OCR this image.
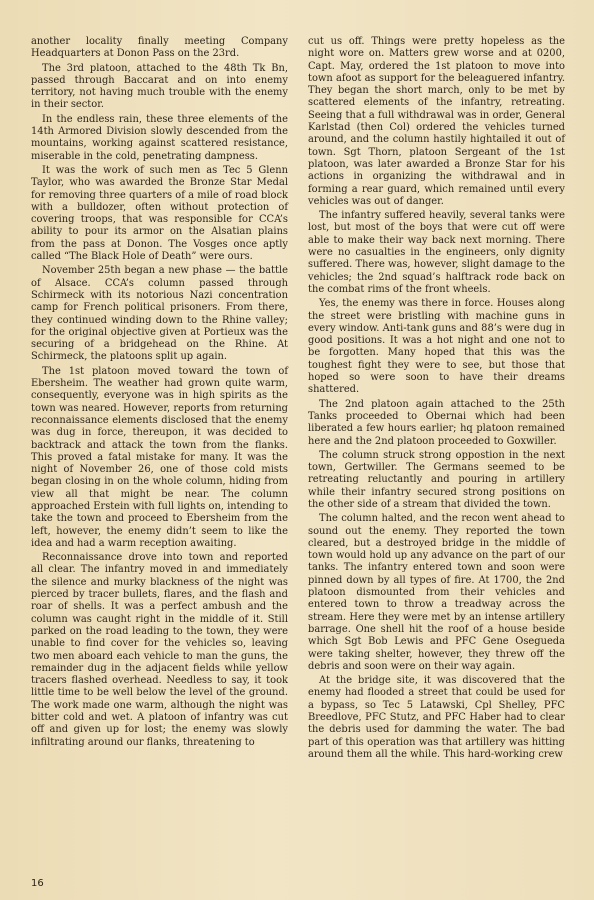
another locality finally meeting Company Headquarters at Donon Pass on the 23rd.

The 3rd platoon, attached to the 48th Tk Bn, passed through Baccarat and on into enemy territory, not having much trouble with the enemy in their sector.

In the endless rain, these three elements of the 14th Armored Division slowly descended from the mountains, working against scattered resistance, miserable in the cold, penetrating dampness.

It was the work of such men as Tec 5 Glenn Taylor, who was awarded the Bronze Star Medal for removing three quarters of a mile of road block with a bulldozer, often without protection of covering troops, that was responsible for CCA’s ability to pour its armor on the Alsatian plains from the pass at Donon. The Vosges once aptly called “The Black Hole of Death” were ours.

November 25th began a new phase — the battle of Alsace. CCA’s column passed through Schirmeck with its notorious Nazi concentration camp for French political prisoners. From there, they continued winding down to the Rhine valley; for the original objective given at Portieux was the securing of a bridgehead on the Rhine. At Schirmeck, the platoons split up again.

The 1st platoon moved toward the town of Ebersheim. The weather had grown quite warm, consequently, everyone was in high spirits as the town was neared. However, reports from returning reconnaissance elements disclosed that the enemy was dug in force, thereupon, it was decided to backtrack and attack the town from the flanks. This proved a fatal mistake for many. It was the night of November 26, one of those cold mists began closing in on the whole column, hiding from view all that might be near. The column approached Erstein with full lights on, intending to take the town and proceed to Ebersheim from the left, however, the enemy didn’t seem to like the idea and had a warm reception awaiting.

Reconnaissance drove into town and reported all clear. The infantry moved in and immediately the silence and murky blackness of the night was pierced by tracer bullets, flares, and the flash and roar of shells. It was a perfect ambush and the column was caught right in the middle of it. Still parked on the road leading to the town, they were unable to find cover for the vehicles so, leaving two men aboard each vehicle to man the guns, the remainder dug in the adjacent fields while yellow tracers flashed overhead. Needless to say, it took little time to be well below the level of the ground. The work made one warm, although the night was bitter cold and wet. A platoon of infantry was cut off and given up for lost; the enemy was slowly infiltrating around our flanks, threatening to

cut us off. Things were pretty hopeless as the night wore on. Matters grew worse and at 0200, Capt. May, ordered the 1st platoon to move into town afoot as support for the beleaguered infantry. They began the short march, only to be met by scattered elements of the infantry, retreating. Seeing that a full withdrawal was in order, General Karlstad (then Col) ordered the vehicles turned around, and the column hastily hightailed it out of town. Sgt Thorn, platoon Sergeant of the 1st platoon, was later awarded a Bronze Star for his actions in organizing the withdrawal and in forming a rear guard, which remained until every vehicles was out of danger.

The infantry suffered heavily, several tanks were lost, but most of the boys that were cut off were able to make their way back next morning. There were no casualties in the engineers, only dignity suffered. There was, however, slight damage to the vehicles; the 2nd squad’s halftrack rode back on the combat rims of the front wheels.

Yes, the enemy was there in force. Houses along the street were bristling with machine guns in every window. Anti-tank guns and 88’s were dug in good positions. It was a hot night and one not to be forgotten. Many hoped that this was the toughest fight they were to see, but those that hoped so were soon to have their dreams shattered.

The 2nd platoon again attached to the 25th Tanks proceeded to Obernai which had been liberated a few hours earlier; hq platoon remained here and the 2nd platoon proceeded to Goxwiller.

The column struck strong oppostion in the next town, Gertwiller. The Germans seemed to be retreating reluctantly and pouring in artillery while their infantry secured strong positions on the other side of a stream that divided the town.

The column halted, and the recon went ahead to sound out the enemy. They reported the town cleared, but a destroyed bridge in the middle of town would hold up any advance on the part of our tanks. The infantry entered town and soon were pinned down by all types of fire. At 1700, the 2nd platoon dismounted from their vehicles and entered town to throw a treadway across the stream. Here they were met by an intense artillery barrage. One shell hit the roof of a house beside which Sgt Bob Lewis and PFC Gene Osegueda were taking shelter, however, they threw off the debris and soon were on their way again.

At the bridge site, it was discovered that the enemy had flooded a street that could be used for a bypass, so Tec 5 Latawski, Cpl Shelley, PFC Breedlove, PFC Stutz, and PFC Haber had to clear the debris used for damming the water. The bad part of this operation was that artillery was hitting around them all the while. This hard-working crew

16
